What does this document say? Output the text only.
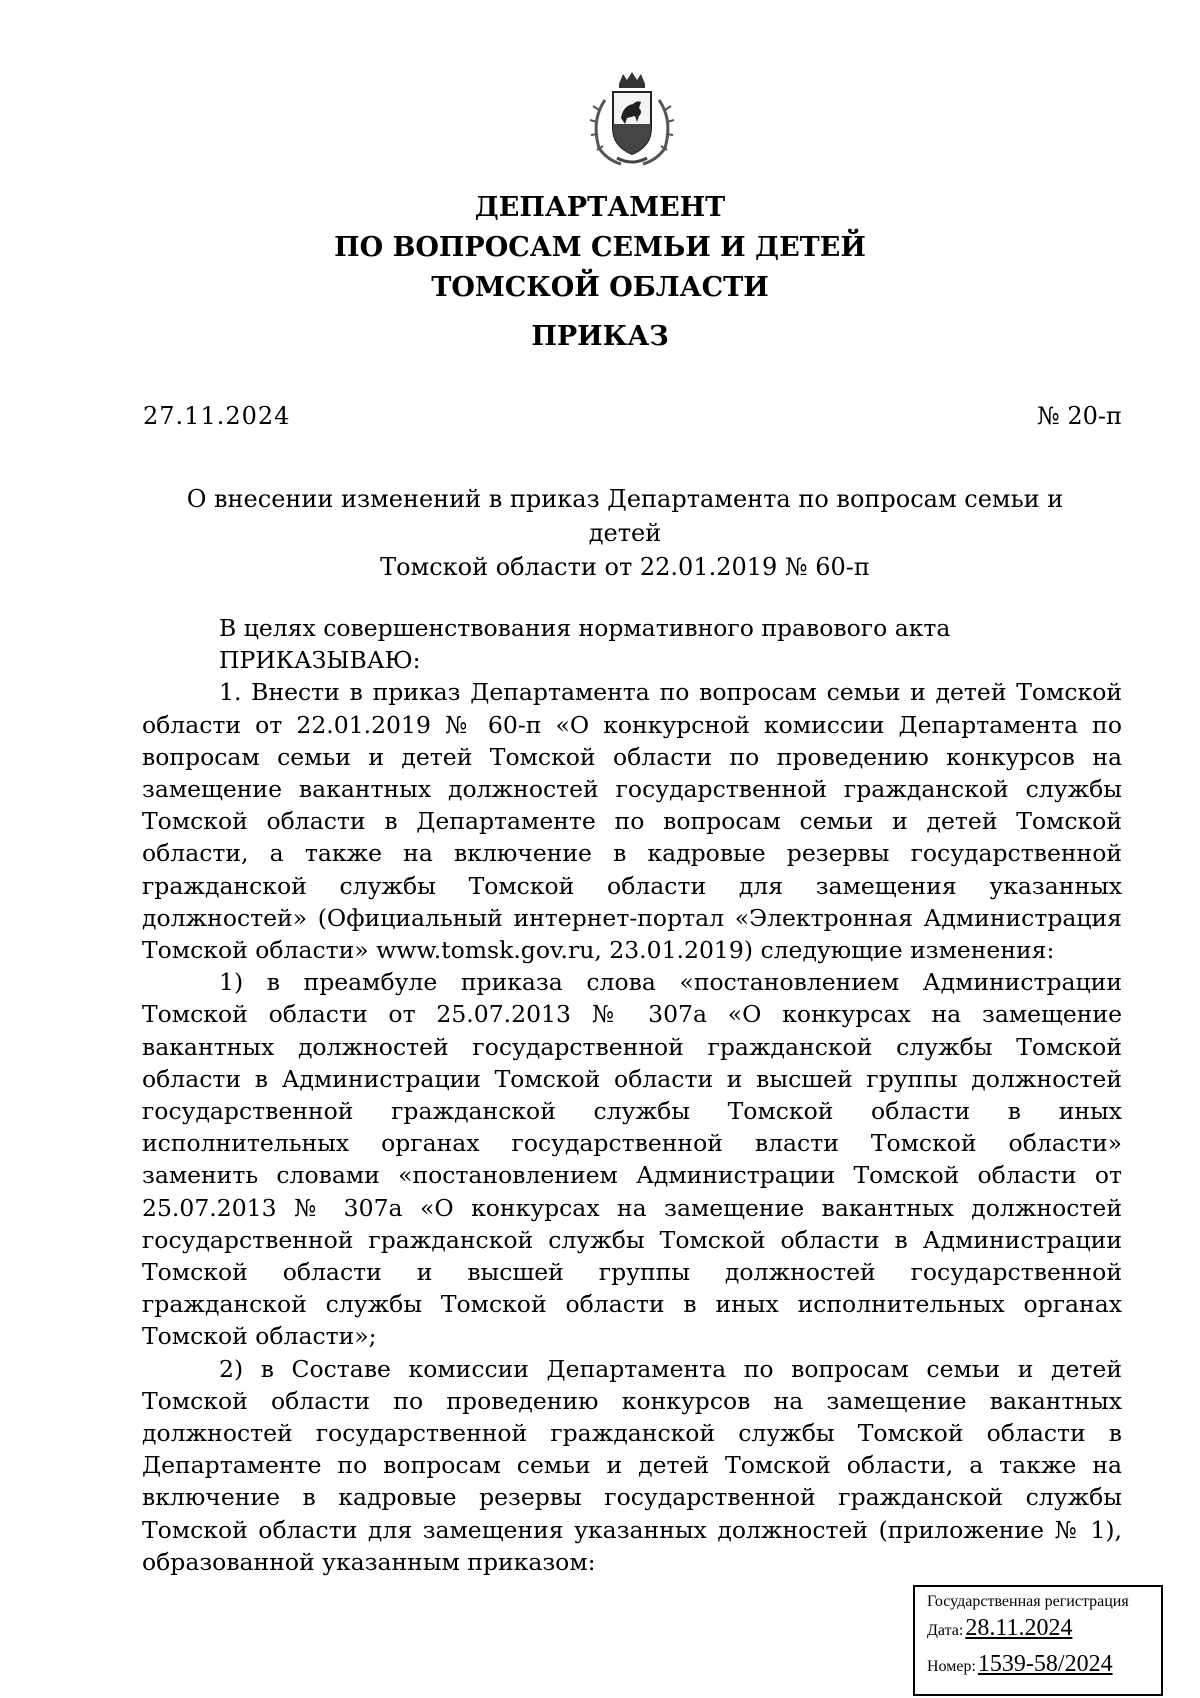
ДЕПАРТАМЕНТ
ПО ВОПРОСАМ СЕМЬИ И ДЕТЕЙ
ТОМСКОЙ ОБЛАСТИ
ПРИКАЗ
27.11.2024	№ 20-п
О внесении изменений в приказ Департамента по вопросам семьи и детей
Томской области от 22.01.2019 № 60-п

В целях совершенствования нормативного правового акта

ПРИКАЗЫВАЮ:

1. Внести в приказ Департамента по вопросам семьи и детей Томской области от 22.01.2019 № 60-п «О конкурсной комиссии Департамента по вопросам семьи и детей Томской области по проведению конкурсов на замещение вакантных должностей государственной гражданской службы Томской области в Департаменте по вопросам семьи и детей Томской области, а также на включение в кадровые резервы государственной гражданской службы Томской области для замещения указанных должностей» (Официальный интернет-портал «Электронная Администрация Томской области» www.tomsk.gov.ru, 23.01.2019) следующие изменения:

1) в преамбуле приказа слова «постановлением Администрации Томской области от 25.07.2013 № 307а «О конкурсах на замещение вакантных должностей государственной гражданской службы Томской области в Администрации Томской области и высшей группы должностей государственной гражданской службы Томской области в иных исполнительных органах государственной власти Томской области» заменить словами «постановлением Администрации Томской области от 25.07.2013 № 307а «О конкурсах на замещение вакантных должностей государственной гражданской службы Томской области в Администрации Томской области и высшей группы должностей государственной гражданской службы Томской области в иных исполнительных органах Томской области»;

2) в Составе комиссии Департамента по вопросам семьи и детей Томской области по проведению конкурсов на замещение вакантных должностей государственной гражданской службы Томской области в Департаменте по вопросам семьи и детей Томской области, а также на включение в кадровые резервы государственной гражданской службы Томской области для замещения указанных должностей (приложение № 1), образованной указанным приказом:

Государственная регистрация
Дата:28.11.2024
Номер:1539-58/2024
